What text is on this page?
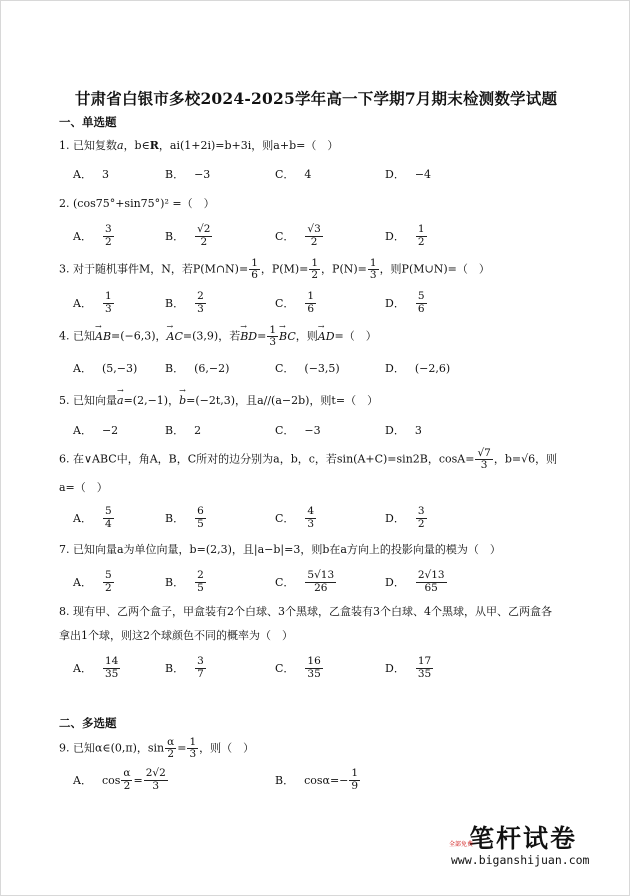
甘肃省白银市多校2024-2025学年高一下学期7月期末检测数学试题
一、单选题
1. 已知复数a，b∈R，ai(1+2i)=b+3i，则a+b=（　）
A． 3	B． −3	C． 4	D． −4
2. (cos75°+sin75°)² =（　）
A． $\frac{3}{2}$	B． $\frac{√2}{2}$	C． $\frac{√3}{2}$	D． $\frac{1}{2}$
3. 对于随机事件M，N，若P(M∩N)= $\frac{1}{6}$ ，$P(M)= \frac{1}{2}$ ，$P(N)= \frac{1}{3}$ ，则P(M∪N)=（　）
A． $\frac{1}{3}$	B． $\frac{2}{3}$	C． $\frac{1}{6}$	D． $\frac{5}{6}$
4. 已知→ AB=(−6,3)，→ AC=(3,9)，若→ $BD= \frac{1}{3}$
→ BC，则→ AD=（　）
A． (5,−3)	B． (6,−2)	C． (−3,5)	D． (−2,6)
5. 已知向量→ a=(2,−1)，→ b=(−2t,3)，且a//(a−2b)，则t=（　）
A． −2	B． 2	C． −3	D． 3
6. 在∨ABC中，角A，B，C所对的边分别为a，b，c，若sin(A+C)=sin2B，$\cos A= \frac{√7}{3}$ ，b=√6，则
a=（　）
A． $\frac{5}{4}$	B． $\frac{6}{5}$	C． $\frac{4}{3}$	D． $\frac{3}{2}$
7. 已知向量a为单位向量，b=(2,3)，且|a−b|=3，则b在a方向上的投影向量的模为（　）
A． $\frac{5}{2}$	B． $\frac{2}{5}$	C． $\frac{5√13}{26}$	D． $\frac{2√13}{65}$
8. 现有甲、乙两个盒子，甲盒装有2个白球、3个黑球，乙盒装有3个白球、4个黑球，从甲、乙两盒各
拿出1个球，则这2个球颜色不同的概率为（　）
A． $\frac{14}{35}$	B． $\frac{3}{7}$	C． $\frac{16}{35}$	D． $\frac{17}{35}$
二、多选题
9. 已知α∈(0,π)，$\sin \frac{\alpha}{2} = \frac{1}{3}$ ，则（　）
A． $\cos \frac{\alpha}{2} = \frac{2√2}{3}$	B． $\cos\alpha=- \frac{1}{9}$
笔杆试卷
全部免费
www.biganshijuan.com
